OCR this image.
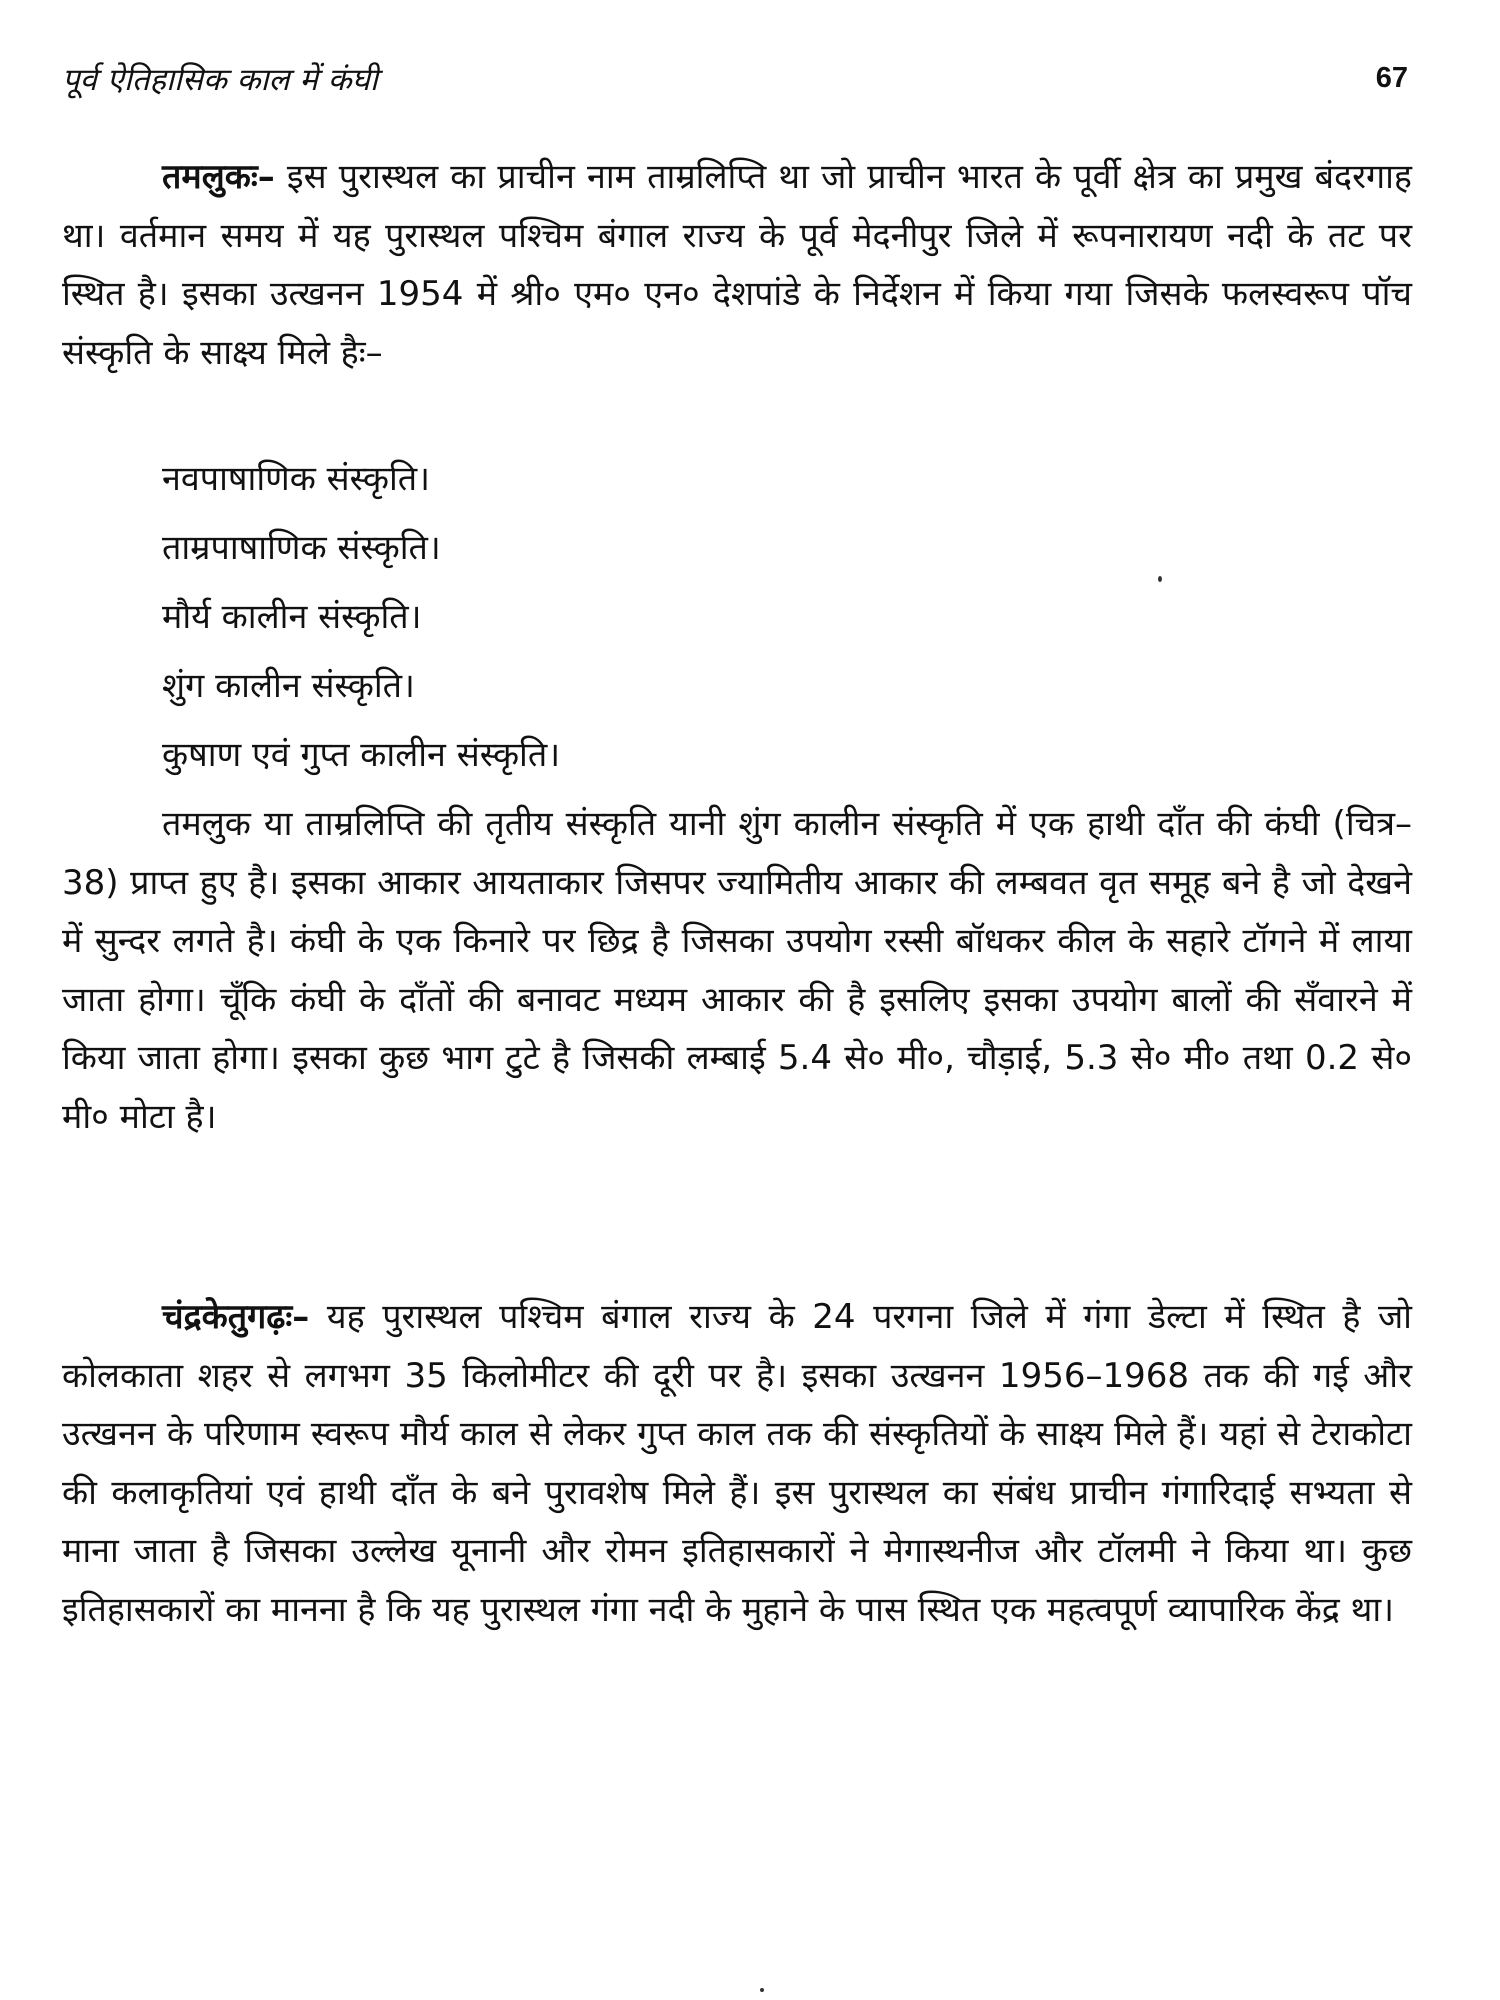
पूर्व ऐतिहासिक काल में कंघी	67

तमलुकः– इस पुरास्थल का प्राचीन नाम ताम्रलिप्ति था जो प्राचीन भारत के पूर्वी क्षेत्र का प्रमुख बंदरगाह था। वर्तमान समय में यह पुरास्थल पश्चिम बंगाल राज्य के पूर्व मेदनीपुर जिले में रूपनारायण नदी के तट पर स्थित है। इसका उत्खनन 1954 में श्री० एम० एन० देशपांडे के निर्देशन में किया गया जिसके फलस्वरूप पॉच संस्कृति के साक्ष्य मिले हैः–

नवपाषाणिक संस्कृति।
ताम्रपाषाणिक संस्कृति।
मौर्य कालीन संस्कृति।
शुंग कालीन संस्कृति।
कुषाण एवं गुप्त कालीन संस्कृति।

तमलुक या ताम्रलिप्ति की तृतीय संस्कृति यानी शुंग कालीन संस्कृति में एक हाथी दाँत की कंघी (चित्र–38) प्राप्त हुए है। इसका आकार आयताकार जिसपर ज्यामितीय आकार की लम्बवत वृत समूह बने है जो देखने में सुन्दर लगते है। कंघी के एक किनारे पर छिद्र है जिसका उपयोग रस्सी बॉधकर कील के सहारे टॉगने में लाया जाता होगा। चूँकि कंघी के दाँतों की बनावट मध्यम आकार की है इसलिए इसका उपयोग बालों की सँवारने में किया जाता होगा। इसका कुछ भाग टुटे है जिसकी लम्बाई 5.4 से० मी०, चौड़ाई, 5.3 से० मी० तथा 0.2 से० मी० मोटा है।

चंद्रकेतुगढ़ः– यह पुरास्थल पश्चिम बंगाल राज्य के 24 परगना जिले में गंगा डेल्टा में स्थित है जो कोलकाता शहर से लगभग 35 किलोमीटर की दूरी पर है। इसका उत्खनन 1956–1968 तक की गई और उत्खनन के परिणाम स्वरूप मौर्य काल से लेकर गुप्त काल तक की संस्कृतियों के साक्ष्य मिले हैं। यहां से टेराकोटा की कलाकृतियां एवं हाथी दाँत के बने पुरावशेष मिले हैं। इस पुरास्थल का संबंध प्राचीन गंगारिदाई सभ्यता से माना जाता है जिसका उल्लेख यूनानी और रोमन इतिहासकारों ने मेगास्थनीज और टॉलमी ने किया था। कुछ इतिहासकारों का मानना है कि यह पुरास्थल गंगा नदी के मुहाने के पास स्थित एक महत्वपूर्ण व्यापारिक केंद्र था।
